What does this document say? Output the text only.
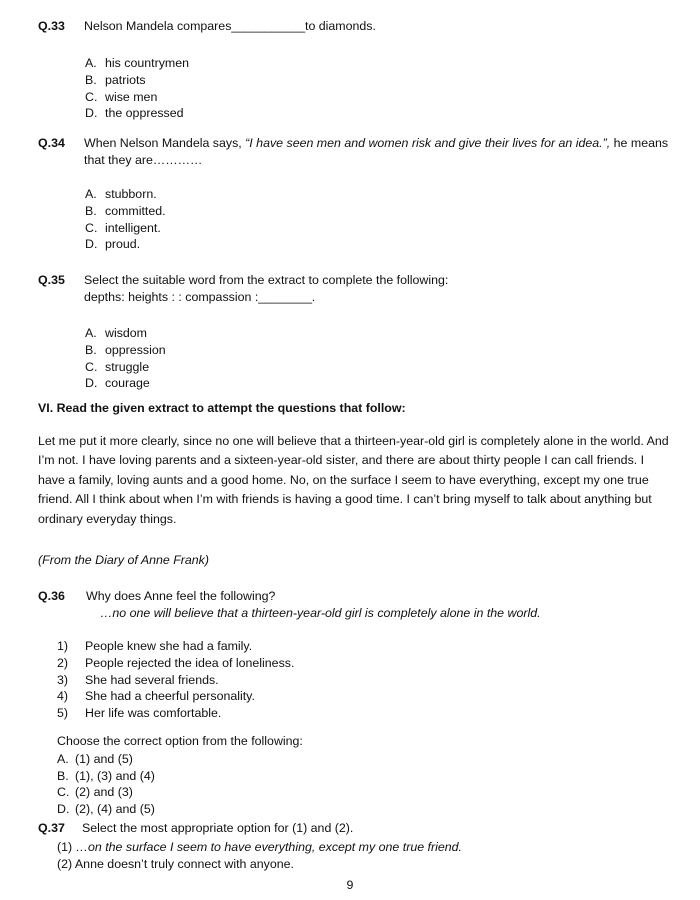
Q.33	Nelson Mandela compares___________to diamonds.
A. his countrymen
B. patriots
C. wise men
D. the oppressed
Q.34	When Nelson Mandela says, “I have seen men and women risk and give their lives for an idea.”, he means that they are…………
A. stubborn.
B. committed.
C. intelligent.
D. proud.
Q.35	Select the suitable word from the extract to complete the following:
depths: heights : : compassion :________.
A. wisdom
B. oppression
C. struggle
D. courage
VI. Read the given extract to attempt the questions that follow:
Let me put it more clearly, since no one will believe that a thirteen-year-old girl is completely alone in the world. And I’m not. I have loving parents and a sixteen-year-old sister, and there are about thirty people I can call friends. I have a family, loving aunts and a good home. No, on the surface I seem to have everything, except my one true friend. All I think about when I’m with friends is having a good time. I can’t bring myself to talk about anything but ordinary everyday things.
(From the Diary of Anne Frank)
Q.36	Why does Anne feel the following?
…no one will believe that a thirteen-year-old girl is completely alone in the world.
1)	People knew she had a family.
2)	People rejected the idea of loneliness.
3)	She had several friends.
4)	She had a cheerful personality.
5)	Her life was comfortable.
Choose the correct option from the following:
A. (1) and (5)
B. (1), (3) and (4)
C. (2) and (3)
D. (2), (4) and (5)
Q.37	Select the most appropriate option for (1) and (2).
(1) …on the surface I seem to have everything, except my one true friend.
(2) Anne doesn’t truly connect with anyone.
9
